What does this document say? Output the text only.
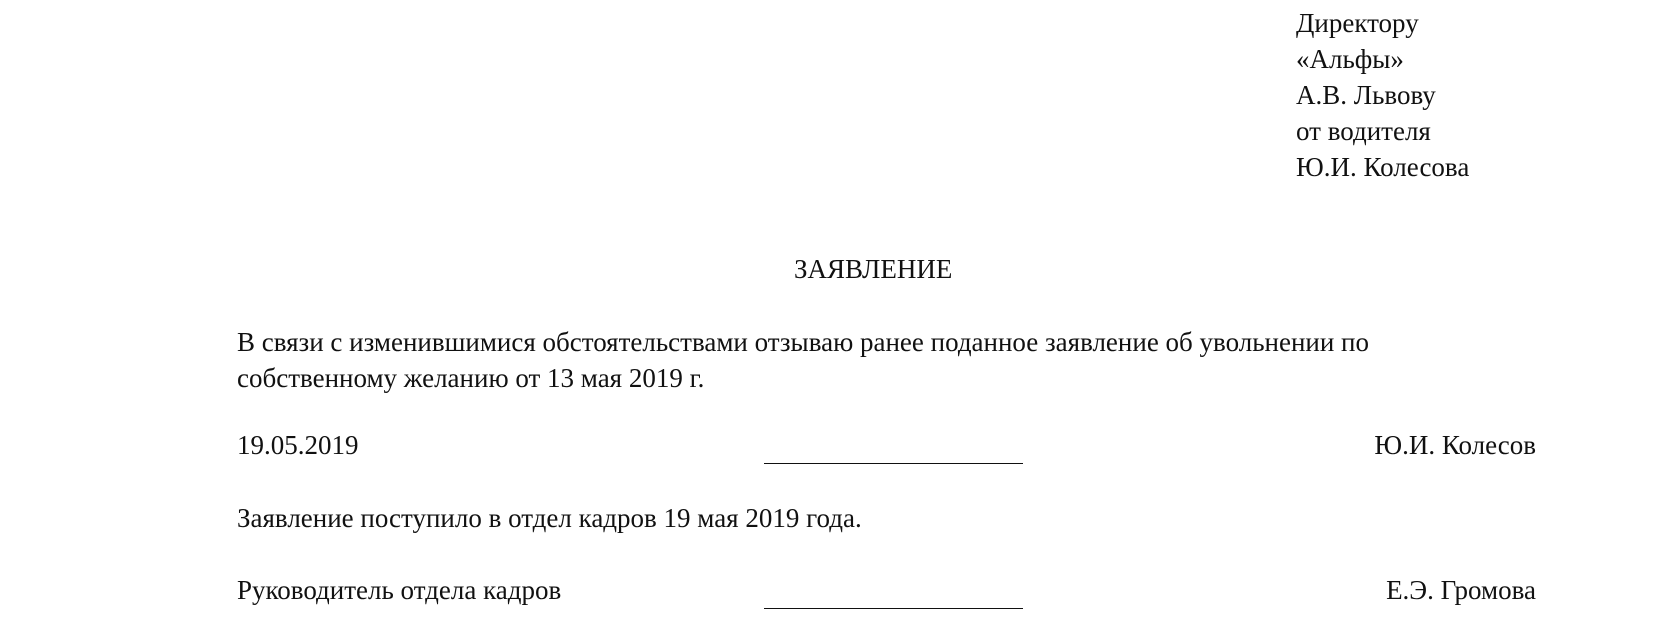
Директору
«Альфы»
А.В. Львову
от водителя
Ю.И. Колесова
ЗАЯВЛЕНИЕ
В связи с изменившимися обстоятельствами отзываю ранее поданное заявление об увольнении по
собственному желанию от 13 мая 2019 г.
19.05.2019	Ю.И. Колесов
Заявление поступило в отдел кадров 19 мая 2019 года.
Руководитель отдела кадров	Е.Э. Громова
